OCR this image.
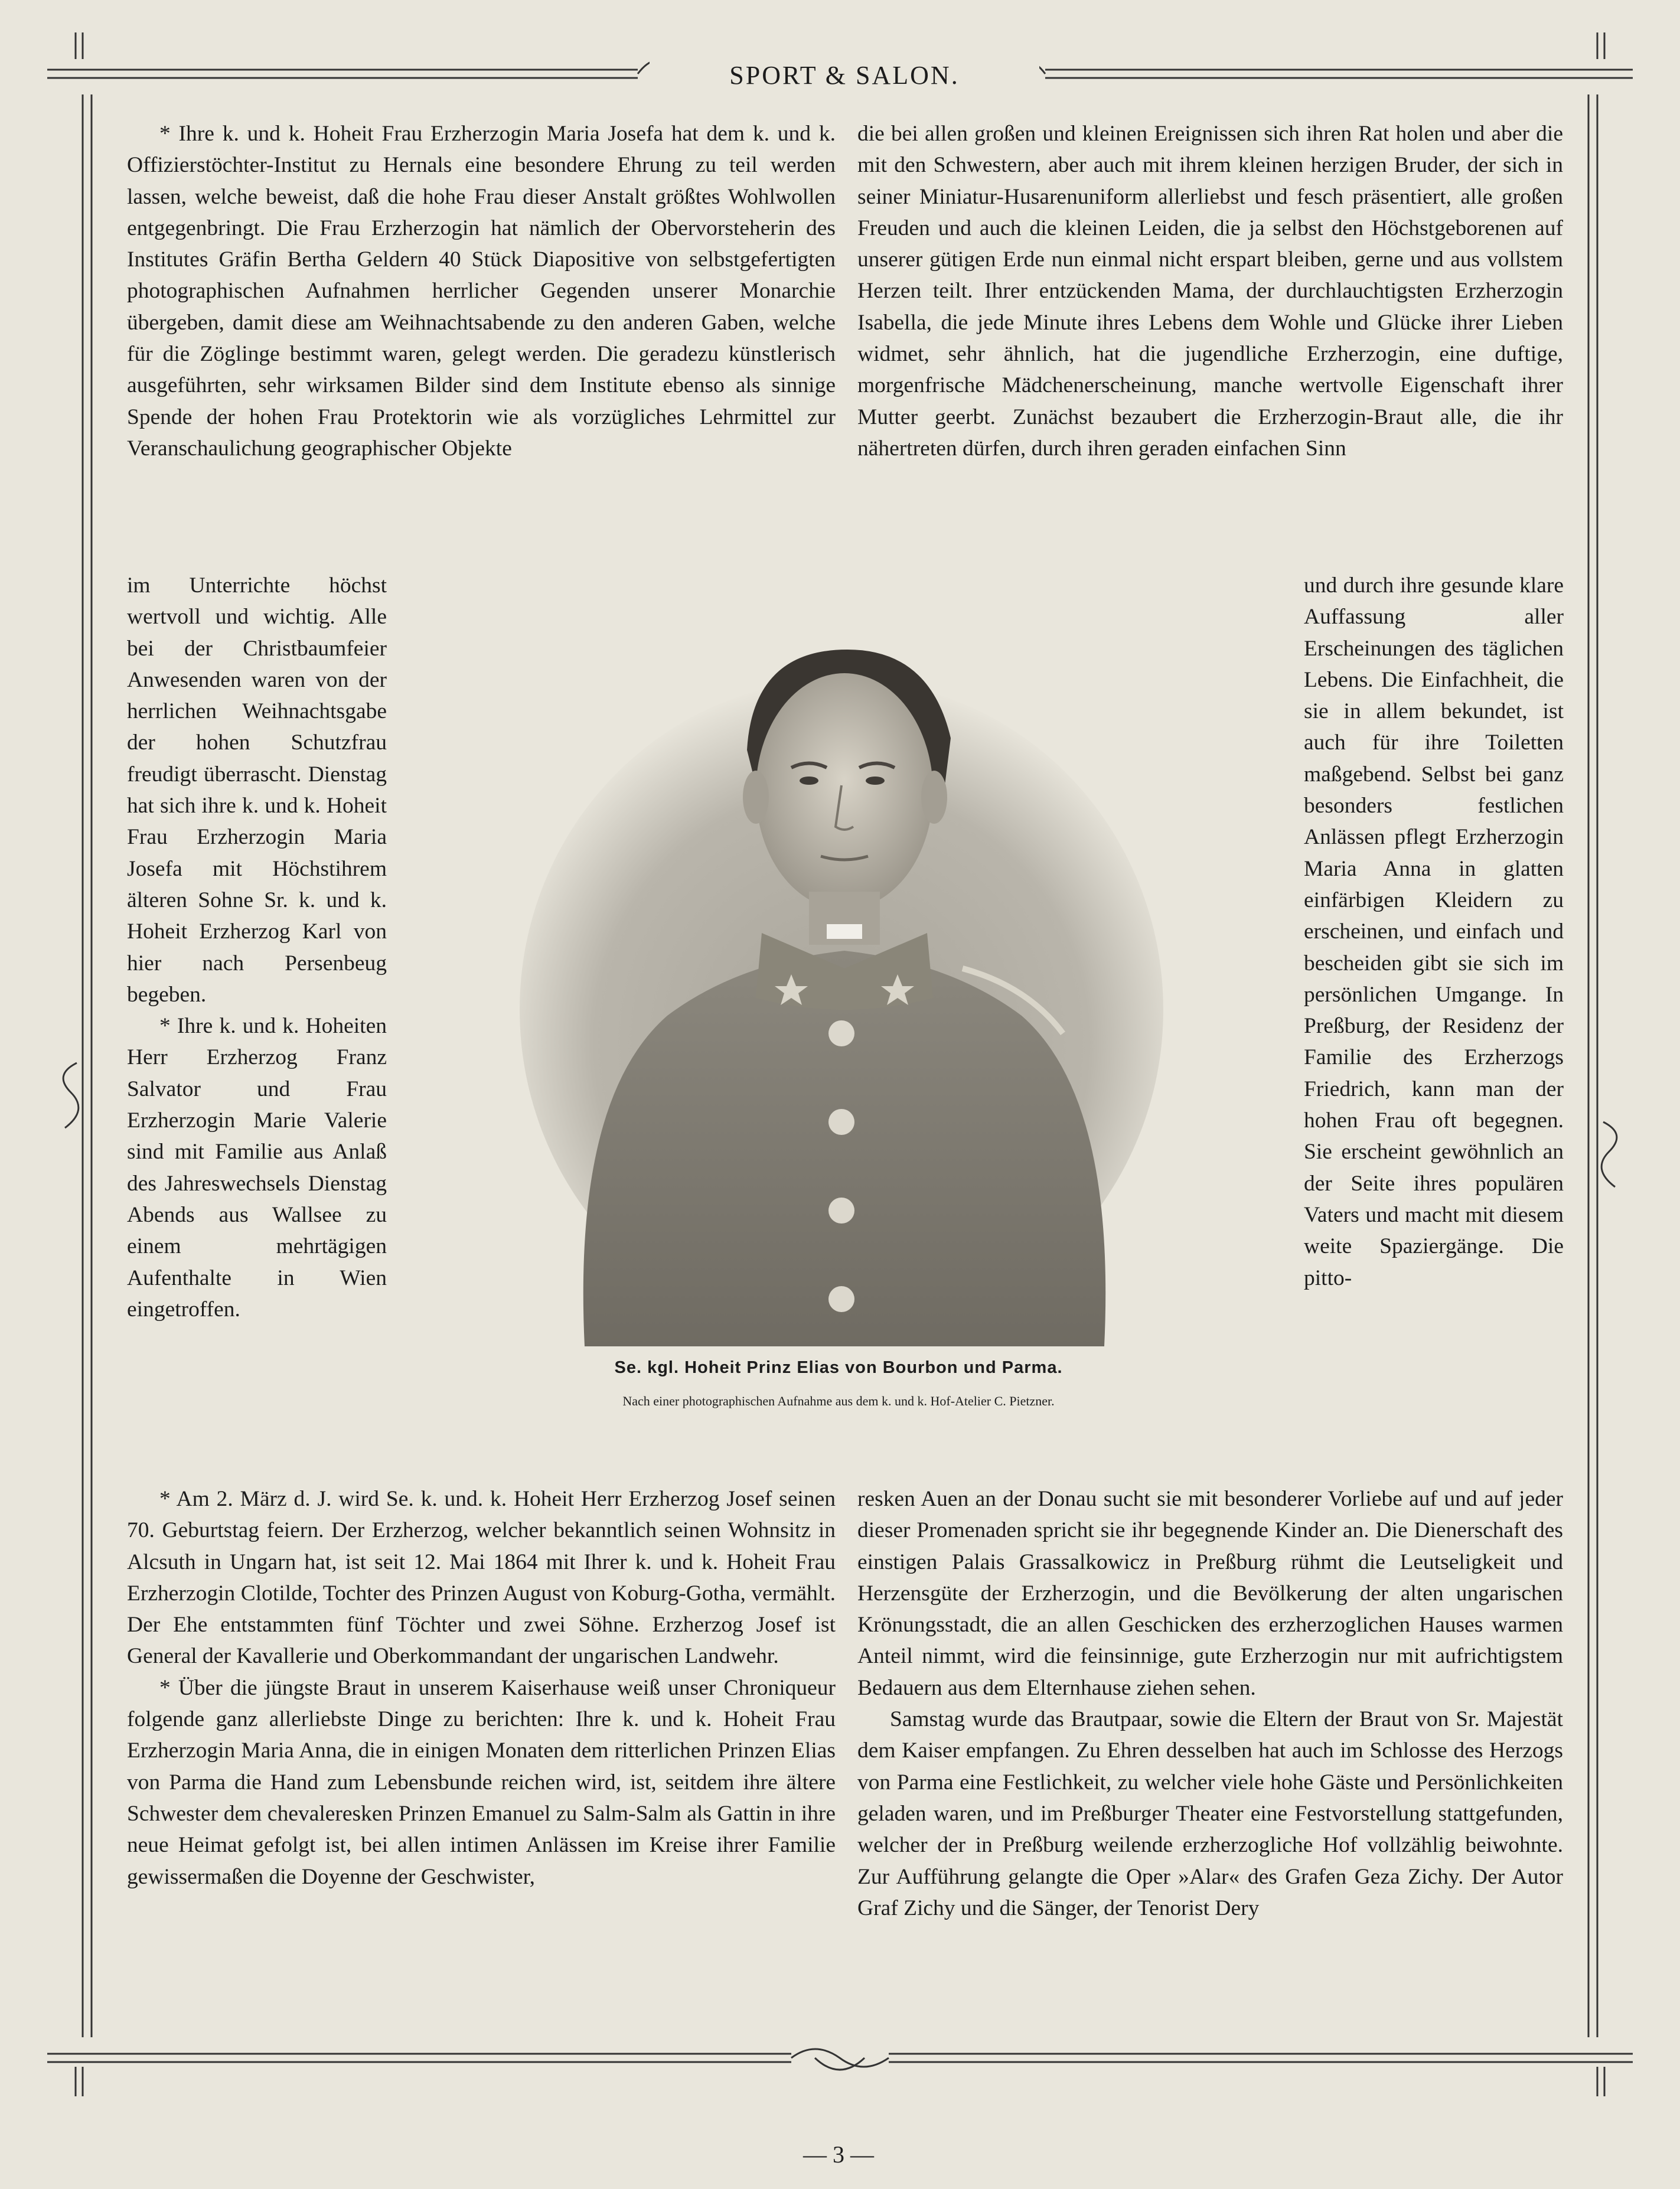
SPORT & SALON.

* Ihre k. und k. Hoheit Frau Erzherzogin Maria Josefa hat dem k. und k. Offizierstöchter-Institut zu Hernals eine besondere Ehrung zu teil werden lassen, welche beweist, daß die hohe Frau dieser Anstalt größtes Wohlwollen entgegenbringt. Die Frau Erzherzogin hat nämlich der Obervorsteherin des Institutes Gräfin Bertha Geldern 40 Stück Diapositive von selbstgefertigten photographischen Aufnahmen herrlicher Gegenden unserer Monarchie übergeben, damit diese am Weihnachtsabende zu den anderen Gaben, welche für die Zöglinge bestimmt waren, gelegt werden. Die geradezu künstlerisch ausgeführten, sehr wirksamen Bilder sind dem Institute ebenso als sinnige Spende der hohen Frau Protektorin wie als vorzügliches Lehrmittel zur Veranschaulichung geographischer Objekte

im Unterrichte höchst wertvoll und wichtig. Alle bei der Christbaumfeier Anwesenden waren von der herrlichen Weihnachtsgabe der hohen Schutzfrau freudigt überrascht. Dienstag hat sich ihre k. und k. Hoheit Frau Erzherzogin Maria Josefa mit Höchstihrem älteren Sohne Sr. k. und k. Hoheit Erzherzog Karl von hier nach Persenbeug begeben.

* Ihre k. und k. Hoheiten Herr Erzherzog Franz Salvator und Frau Erzherzogin Marie Valerie sind mit Familie aus Anlaß des Jahreswechsels Dienstag Abends aus Wallsee zu einem mehrtägigen Aufenthalte in Wien eingetroffen.

* Am 2. März d. J. wird Se. k. und. k. Hoheit Herr Erzherzog Josef seinen 70. Geburtstag feiern. Der Erzherzog, welcher bekanntlich seinen Wohnsitz in Alcsuth in Ungarn hat, ist seit 12. Mai 1864 mit Ihrer k. und k. Hoheit Frau Erzherzogin Clotilde, Tochter des Prinzen August von Koburg-Gotha, vermählt. Der Ehe entstammten fünf Töchter und zwei Söhne. Erzherzog Josef ist General der Kavallerie und Oberkommandant der ungarischen Landwehr.

* Über die jüngste Braut in unserem Kaiserhause weiß unser Chroniqueur folgende ganz allerliebste Dinge zu berichten: Ihre k. und k. Hoheit Frau Erzherzogin Maria Anna, die in einigen Monaten dem ritterlichen Prinzen Elias von Parma die Hand zum Lebensbunde reichen wird, ist, seitdem ihre ältere Schwester dem chevaleresken Prinzen Emanuel zu Salm-Salm als Gattin in ihre neue Heimat gefolgt ist, bei allen intimen Anlässen im Kreise ihrer Familie gewissermaßen die Doyenne der Geschwister,

die bei allen großen und kleinen Ereignissen sich ihren Rat holen und aber die mit den Schwestern, aber auch mit ihrem kleinen herzigen Bruder, der sich in seiner Miniatur-Husarenuniform allerliebst und fesch präsentiert, alle großen Freuden und auch die kleinen Leiden, die ja selbst den Höchstgeborenen auf unserer gütigen Erde nun einmal nicht erspart bleiben, gerne und aus vollstem Herzen teilt. Ihrer entzückenden Mama, der durchlauchtigsten Erzherzogin Isabella, die jede Minute ihres Lebens dem Wohle und Glücke ihrer Lieben widmet, sehr ähnlich, hat die jugendliche Erzherzogin, eine duftige, morgenfrische Mädchenerscheinung, manche wertvolle Eigenschaft ihrer Mutter geerbt. Zunächst bezaubert die Erzherzogin-Braut alle, die ihr nähertreten dürfen, durch ihren geraden einfachen Sinn

und durch ihre gesunde klare Auffassung aller Erscheinungen des täglichen Lebens. Die Einfachheit, die sie in allem bekundet, ist auch für ihre Toiletten maßgebend. Selbst bei ganz besonders festlichen Anlässen pflegt Erzherzogin Maria Anna in glatten einfärbigen Kleidern zu erscheinen, und einfach und bescheiden gibt sie sich im persönlichen Umgange. In Preßburg, der Residenz der Familie des Erzherzogs Friedrich, kann man der hohen Frau oft begegnen. Sie erscheint gewöhnlich an der Seite ihres populären Vaters und macht mit diesem weite Spaziergänge. Die pitto-

resken Auen an der Donau sucht sie mit besonderer Vorliebe auf und auf jeder dieser Promenaden spricht sie ihr begegnende Kinder an. Die Dienerschaft des einstigen Palais Grassalkowicz in Preßburg rühmt die Leutseligkeit und Herzensgüte der Erzherzogin, und die Bevölkerung der alten ungarischen Krönungsstadt, die an allen Geschicken des erzherzoglichen Hauses warmen Anteil nimmt, wird die feinsinnige, gute Erzherzogin nur mit aufrichtigstem Bedauern aus dem Elternhause ziehen sehen.

Samstag wurde das Brautpaar, sowie die Eltern der Braut von Sr. Majestät dem Kaiser empfangen. Zu Ehren desselben hat auch im Schlosse des Herzogs von Parma eine Festlichkeit, zu welcher viele hohe Gäste und Persönlichkeiten geladen waren, und im Preßburger Theater eine Festvorstellung stattgefunden, welcher der in Preßburg weilende erzherzogliche Hof vollzählig beiwohnte. Zur Aufführung gelangte die Oper »Alar« des Grafen Geza Zichy. Der Autor Graf Zichy und die Sänger, der Tenorist Dery

Se. kgl. Hoheit Prinz Elias von Bourbon und Parma.
Nach einer photographischen Aufnahme aus dem k. und k. Hof-Atelier C. Pietzner.
— 3 —
